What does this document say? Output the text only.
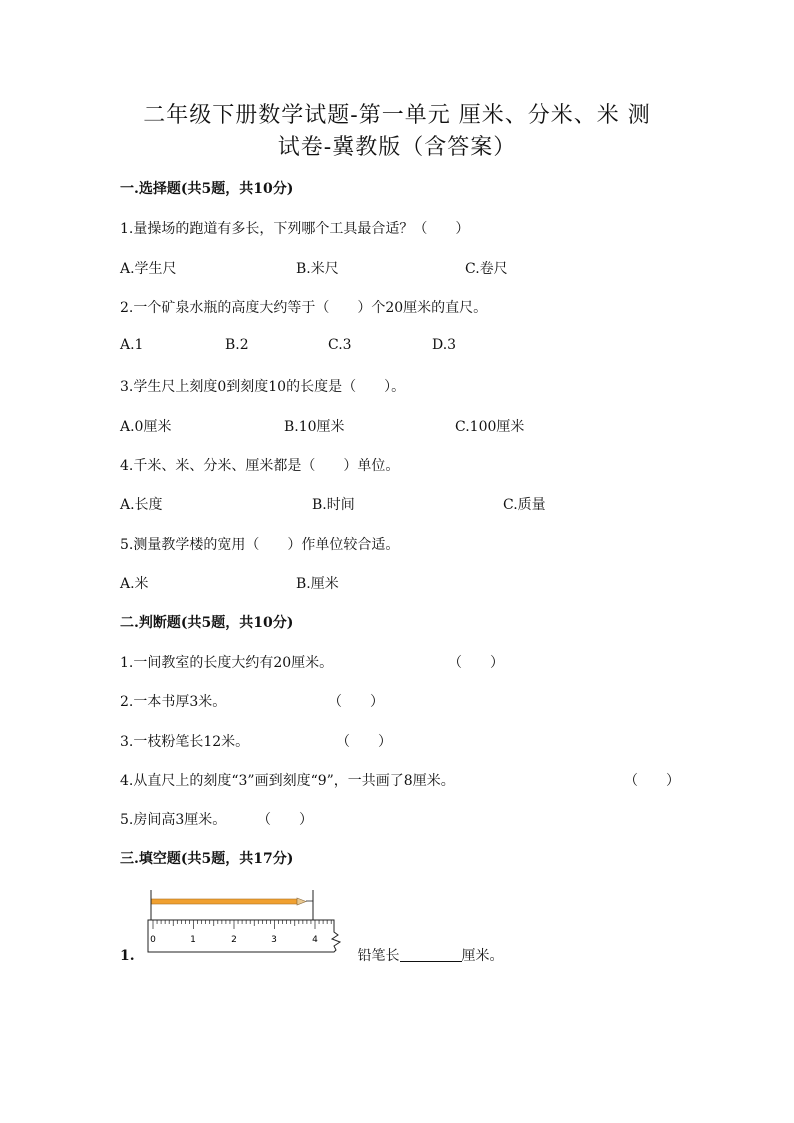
二年级下册数学试题-第一单元 厘米、分米、米 测
试卷-冀教版（含答案）
一.选择题(共5题，共10分)
1.量操场的跑道有多长，下列哪个工具最合适？（　　）
A.学生尺	B.米尺	C.卷尺
2.一个矿泉水瓶的高度大约等于（　　）个20厘米的直尺。
A.1	B.2	C.3	D.3
3.学生尺上刻度0到刻度10的长度是（　　）。
A.0厘米	B.10厘米	C.100厘米
4.千米、米、分米、厘米都是（　　）单位。
A.长度	B.时间	C.质量
5.测量教学楼的宽用（　　）作单位较合适。
A.米	B.厘米
二.判断题(共5题，共10分)
1.一间教室的长度大约有20厘米。	（　　）
2.一本书厚3米。	（　　）
3.一枝粉笔长12米。	（　　）
4.从直尺上的刻度“3”画到刻度“9”，一共画了8厘米。	（　　）
5.房间高3厘米。 （　　）
三.填空题(共5题，共17分)
0	1	2	3	4
1.	铅笔长	厘米。
